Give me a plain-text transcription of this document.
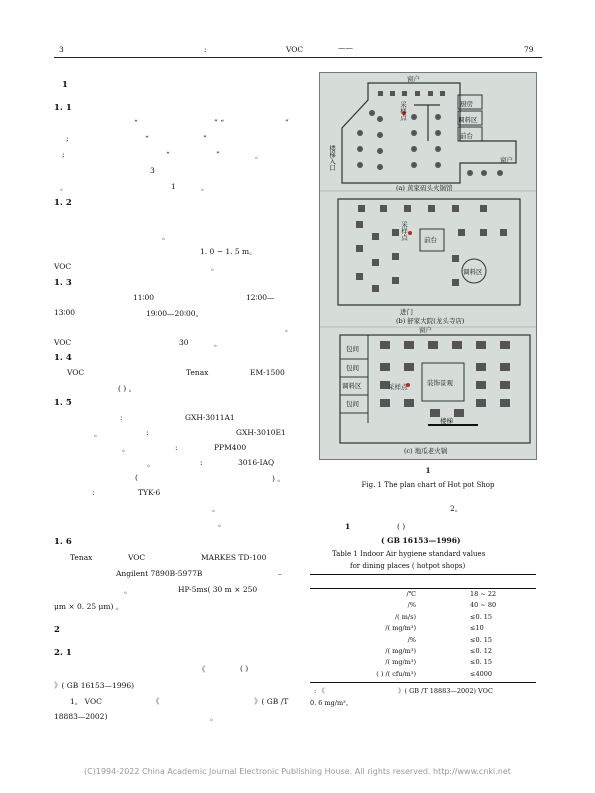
3	:	VOC	——	79
1
1. 1
“	” “	”
;	“	”
;	“	”	。
3
。	1	。
1. 2
。
1. 0 ~ 1. 5 m。
VOC	。
1. 3
11∶00	12∶00—
13∶00	19∶00—20∶00。
。
VOC	30	。
1. 4
VOC	Tenax	EM-1500
( ) 。
1. 5
:	GXH-3011A1
。	:	GXH-3010E1
。	:	PPM400
。	:	3016-IAQ
(	) 。
:	TYK-6
。
。
1. 6
Tenax	VOC	MARKES TD-100
Angilent 7890B-5977B	–
。	HP-5ms( 30 m × 250
μm × 0. 25 μm) 。
2
2. 1
《	( )
》( GB 16153—1996)
1。 VOC	《	》( GB /T
18883—2002)	。
窗户
厨房
调料区
前台
窗户
楼梯入口
采样点
(a) 黄家码头火锅馆
采样点 前台
调料区
进门
(b) 舒家大院(龙头寺店)
窗户
包间
包间
调料区
包间
采样点	装饰景观
楼梯
(c) 地瓜老火锅
1
Fig. 1 The plan chart of Hot pot Shop
2。
1	( )
( GB 16153—1996)
Table 1 Indoor Air hygiene standard values
for dining places ( hotpot shops)
/℃	18 ~ 22
/%	40 ~ 80
/( m/s)	≤0. 15
/( mg/m³)	≤10
/%	≤0. 15
/( mg/m³)	≤0. 12
/( mg/m³)	≤0. 15
( ) /( cfu/m³)	≤4000
: 《	》( GB /T 18883—2002) VOC
0. 6 mg/m³。
(C)1994-2022 China Academic Journal Electronic Publishing House. All rights reserved. http://www.cnki.net
